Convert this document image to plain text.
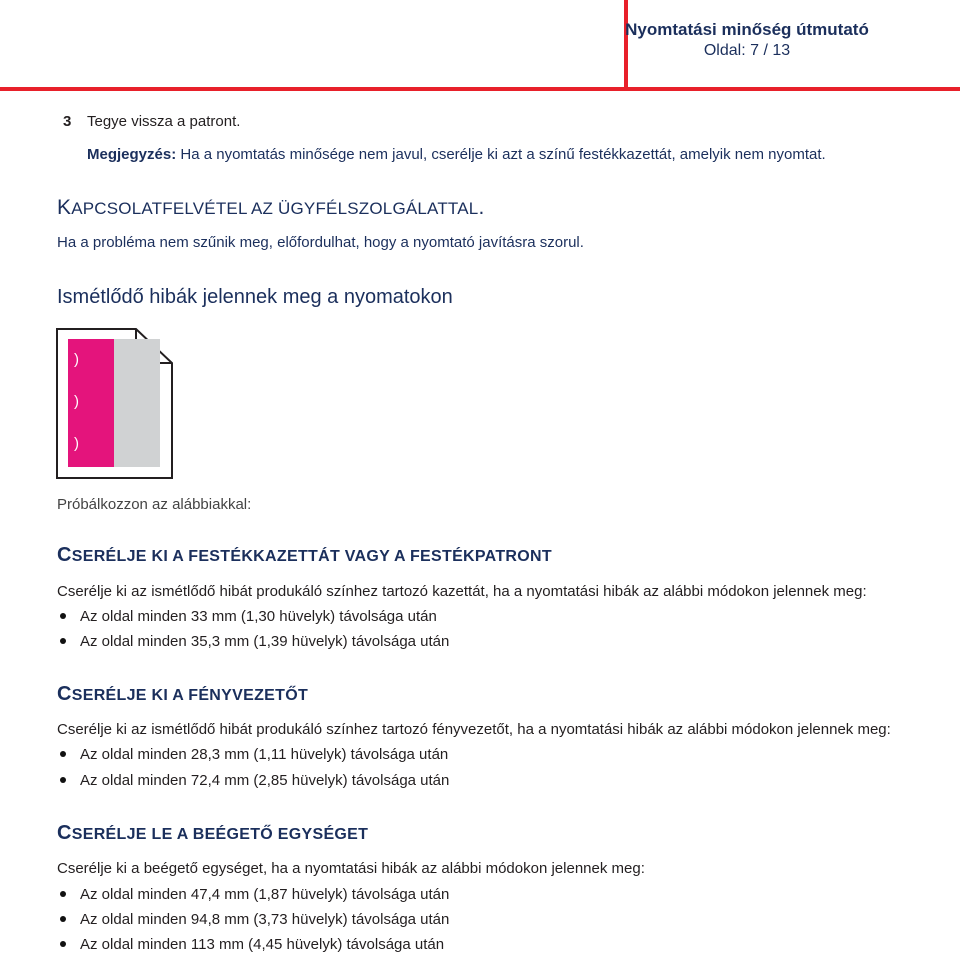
Nyomtatási minőség útmutató
Oldal: 7 / 13
3 Tegye vissza a patront.
Megjegyzés: Ha a nyomtatás minősége nem javul, cserélje ki azt a színű festékkazettát, amelyik nem nyomtat.
KAPCSOLATFELVÉTEL AZ ÜGYFÉLSZOLGÁLATTAL.
Ha a probléma nem szűnik meg, előfordulhat, hogy a nyomtató javításra szorul.
Ismétlődő hibák jelennek meg a nyomatokon
)
)
)
Próbálkozzon az alábbiakkal:
CSERÉLJE KI A FESTÉKKAZETTÁT VAGY A FESTÉKPATRONT
Cserélje ki az ismétlődő hibát produkáló színhez tartozó kazettát, ha a nyomtatási hibák az alábbi módokon jelennek meg:
Az oldal minden 33 mm (1,30 hüvelyk) távolsága után
Az oldal minden 35,3 mm (1,39 hüvelyk) távolsága után
CSERÉLJE KI A FÉNYVEZETŐT
Cserélje ki az ismétlődő hibát produkáló színhez tartozó fényvezetőt, ha a nyomtatási hibák az alábbi módokon jelennek meg:
Az oldal minden 28,3 mm (1,11 hüvelyk) távolsága után
Az oldal minden 72,4 mm (2,85 hüvelyk) távolsága után
CSERÉLJE LE A BEÉGETŐ EGYSÉGET
Cserélje ki a beégető egységet, ha a nyomtatási hibák az alábbi módokon jelennek meg:
Az oldal minden 47,4 mm (1,87 hüvelyk) távolsága után
Az oldal minden 94,8 mm (3,73 hüvelyk) távolsága után
Az oldal minden 113 mm (4,45 hüvelyk) távolsága után
